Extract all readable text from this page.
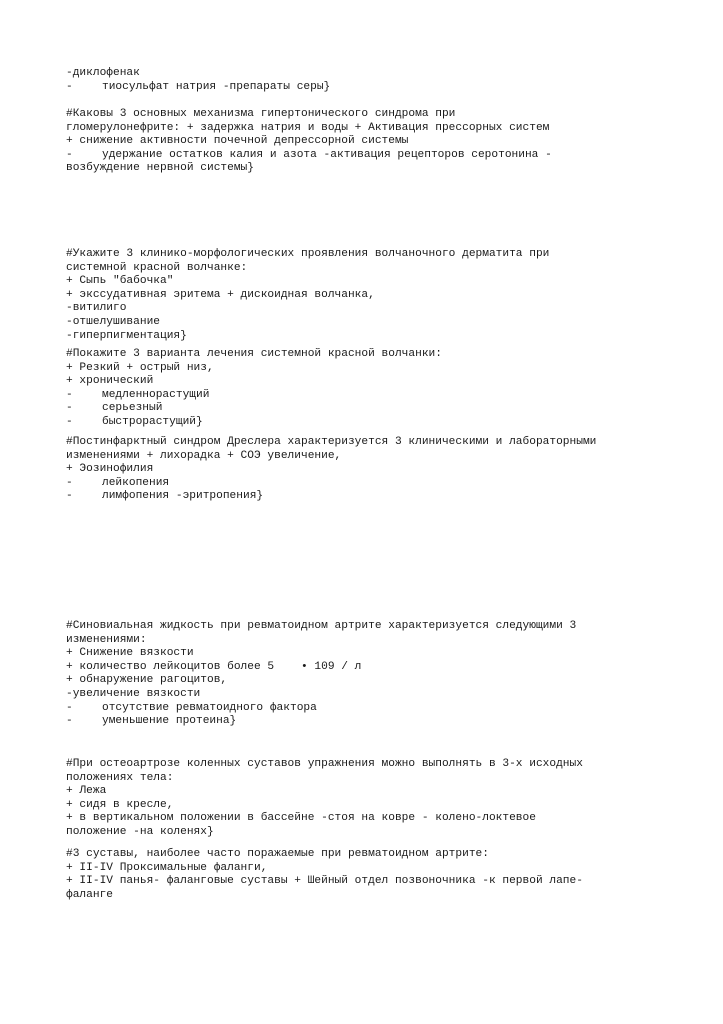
-диклофенак
-	тиосульфат натрия -препараты серы}
#Каковы 3 основных механизма гипертонического синдрома при
гломерулонефрите: + задержка натрия и воды + Активация прессорных систем
+ снижение активности почечной депрессорной системы
-	удержание остатков калия и азота -активация рецепторов серотонина -
возбуждение нервной системы}
#Укажите 3 клинико-морфологических проявления волчаночного дерматита при
системной красной волчанке:
+ Сыпь "бабочка"
+ экссудативная эритема + дискоидная волчанка,
-витилиго
-отшелушивание
-гиперпигментация}
#Покажите 3 варианта лечения системной красной волчанки:
+ Резкий + острый низ,
+ хронический
-	медленнорастущий
-	серьезный
-	быстрорастущий}
#Постинфарктный синдром Дреслера характеризуется 3 клиническими и лабораторными
изменениями + лихорадка + СОЭ увеличение,
+ Эозинофилия
-	лейкопения
-	лимфопения -эритропения}
#Синовиальная жидкость при ревматоидном артрите характеризуется следующими 3
изменениями:
+ Снижение вязкости
+ количество лейкоцитов более 5    • 109 / л
+ обнаружение рагоцитов,
-увеличение вязкости
-	отсутствие ревматоидного фактора
-	уменьшение протеина}
#При остеоартрозе коленных суставов упражнения можно выполнять в 3-х исходных
положениях тела:
+ Лежа
+ сидя в кресле,
+ в вертикальном положении в бассейне -стоя на ковре - колено-локтевое
положение -на коленях}
#3 суставы, наиболее часто поражаемые при ревматоидном артрите:
+ II-IV Проксимальные фаланги,
+ II-IV панья- фаланговые суставы + Шейный отдел позвоночника -к первой лапе-
фаланге
